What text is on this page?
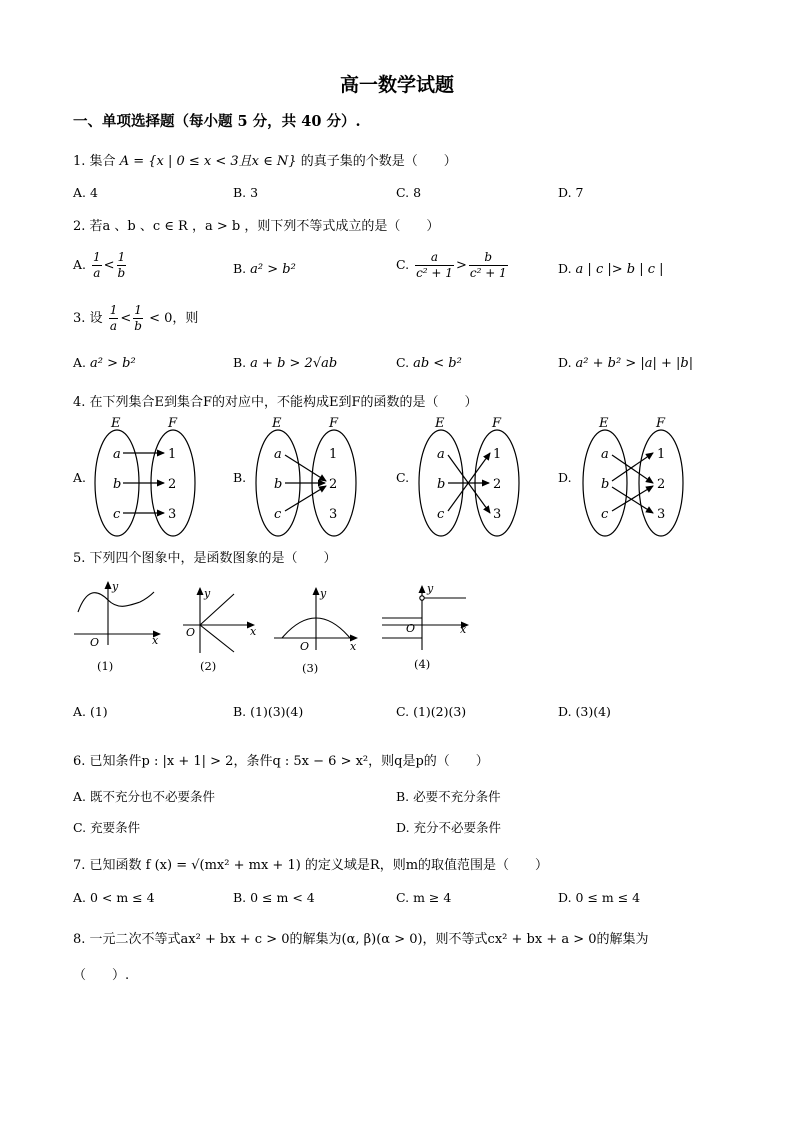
高一数学试题
一、单项选择题（每小题 5 分，共 40 分）.
1. 集合 A = {x | 0 ≤ x < 3且x ∈ N} 的真子集的个数是（　　）
A. 4	B. 3	C. 8	D. 7
2. 若a 、b 、c ∈ R ，a > b ，则下列不等式成立的是（　　）
A. $\frac{1}{a} < \frac{1}{b}$	B. a² > b²	C. $\frac{a}{\text{c² + 1}} > \frac{b}{\text{c² + 1}}$	D. a | c |> b | c |
3. 设 $\frac{1}{a} < \frac{1}{b} < 0$，则
A. a² > b²	B. a + b > 2√ab	C. ab < b²	D. a² + b² > |a| + |b|
4. 在下列集合E到集合F的对应中，不能构成E到F的函数的是（　　）
A.	B.	C.	D.
E	F
a
b
c
1
2
3
E	F
a
b
c
1
2
3
E	F
a
b
c
1
2
3
E	F
a
b
c
1
2
3
y
x
O
(1)
y
x
O
(2)
y
x
O
(3)
y
x
O
(4)
5. 下列四个图象中，是函数图象的是（　　）
A. (1)	B. (1)(3)(4)	C. (1)(2)(3)	D. (3)(4)
6. 已知条件p : |x + 1| > 2，条件q : 5x − 6 > x²，则q是p的（　　）
A. 既不充分也不必要条件	B. 必要不充分条件
C. 充要条件	D. 充分不必要条件
7. 已知函数 f (x) = √(mx² + mx + 1) 的定义域是R，则m的取值范围是（　　）
A. 0 < m ≤ 4	B. 0 ≤ m < 4	C. m ≥ 4	D. 0 ≤ m ≤ 4
8. 一元二次不等式ax² + bx + c > 0的解集为(α, β)(α > 0)，则不等式cx² + bx + a > 0的解集为
（　　）.
